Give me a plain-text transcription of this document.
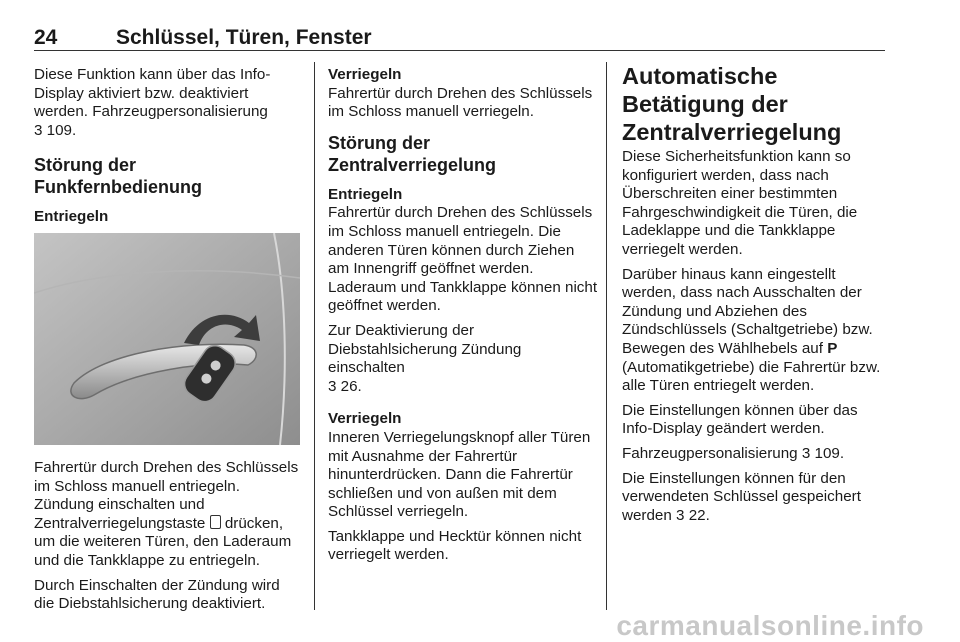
24	Schlüssel, Türen, Fenster

Diese Funktion kann über das Info-Display aktiviert bzw. deaktiviert werden. Fahrzeugpersonalisierung
3 109.

Störung der Funkfernbedienung
Entriegeln

Fahrertür durch Drehen des Schlüssels im Schloss manuell entriegeln. Zündung einschalten und Zentralverriegelungstaste drücken, um die weiteren Türen, den Laderaum und die Tankklappe zu entriegeln.

Durch Einschalten der Zündung wird die Diebstahlsicherung deaktiviert.

Verriegeln

Fahrertür durch Drehen des Schlüssels im Schloss manuell verriegeln.

Störung der Zentralverriegelung
Entriegeln

Fahrertür durch Drehen des Schlüssels im Schloss manuell entriegeln. Die anderen Türen können durch Ziehen am Innengriff geöffnet werden. Laderaum und Tankklappe können nicht geöffnet werden.

Zur Deaktivierung der Diebstahlsicherung Zündung einschalten
3 26.

Verriegeln

Inneren Verriegelungsknopf aller Türen mit Ausnahme der Fahrertür hinunterdrücken. Dann die Fahrertür schließen und von außen mit dem Schlüssel verriegeln.

Tankklappe und Hecktür können nicht verriegelt werden.

Automatische Betätigung der Zentralverriegelung

Diese Sicherheitsfunktion kann so konfiguriert werden, dass nach Überschreiten einer bestimmten Fahrgeschwindigkeit die Türen, die Ladeklappe und die Tankklappe verriegelt werden.

Darüber hinaus kann eingestellt werden, dass nach Ausschalten der Zündung und Abziehen des Zündschlüssels (Schaltgetriebe) bzw. Bewegen des Wählhebels auf P (Automatikgetriebe) die Fahrertür bzw. alle Türen entriegelt werden.

Die Einstellungen können über das Info-Display geändert werden.

Fahrzeugpersonalisierung 3 109.

Die Einstellungen können für den verwendeten Schlüssel gespeichert werden 3 22.

carmanualsonline.info
